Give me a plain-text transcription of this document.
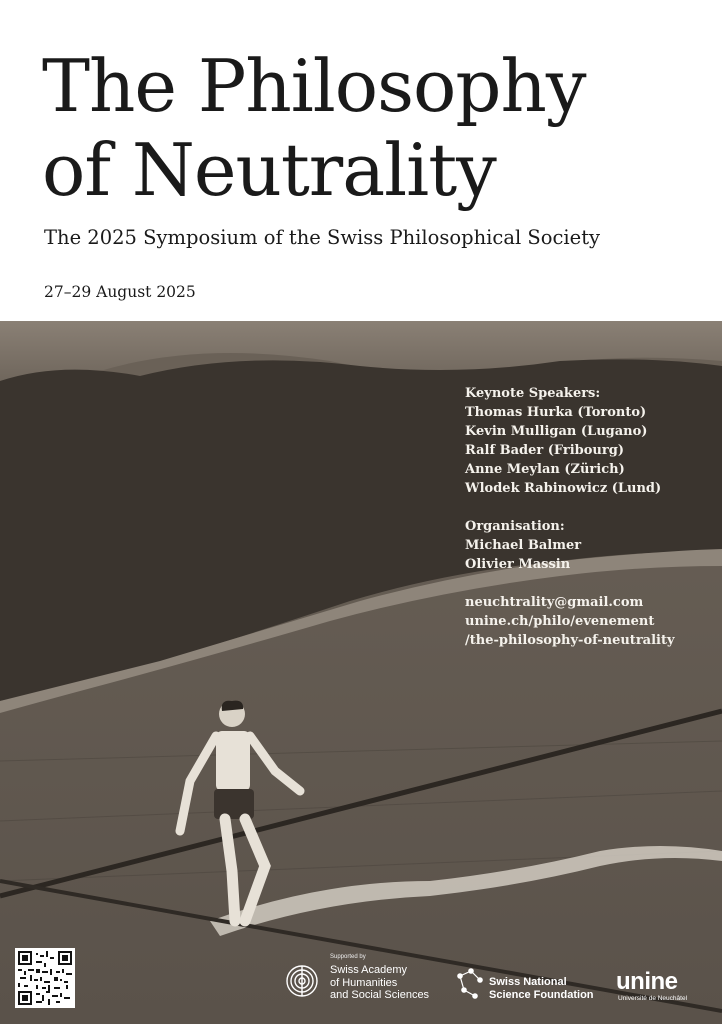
The Philosophy
of Neutrality
The 2025 Symposium of the Swiss Philosophical Society
27–29 August 2025
Keynote Speakers:
Thomas Hurka (Toronto)
Kevin Mulligan (Lugano)
Ralf Bader (Fribourg)
Anne Meylan (Zürich)
Wlodek Rabinowicz (Lund)
Organisation:
Michael Balmer
Olivier Massin
neuchtrality@gmail.com
unine.ch/philo/evenement
/the-philosophy-of-neutrality
Supported by
Swiss Academy
of Humanities
and Social Sciences
Swiss National
Science Foundation unine
Université de Neuchâtel
